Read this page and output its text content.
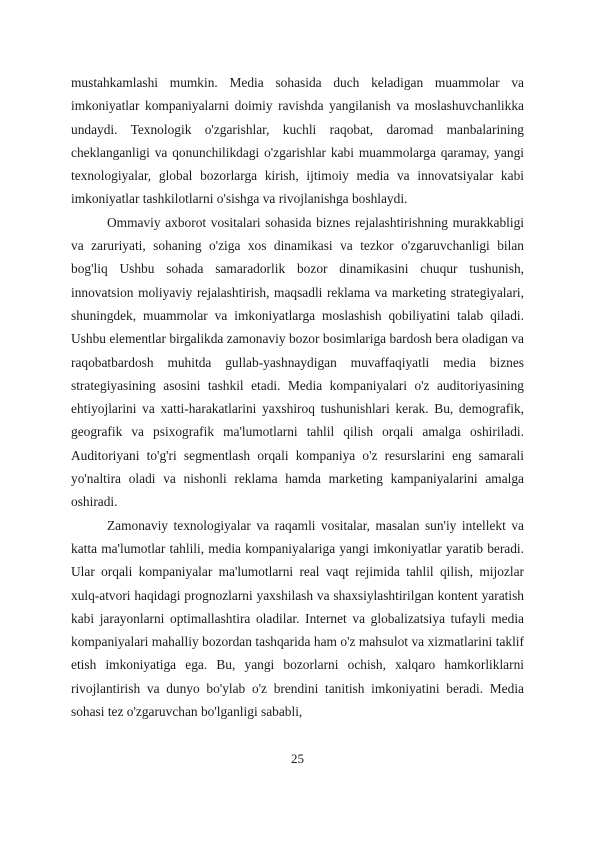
mustahkamlashi mumkin. Media sohasida duch keladigan muammolar va imkoniyatlar kompaniyalarni doimiy ravishda yangilanish va moslashuvchanlikka undaydi. Texnologik o'zgarishlar, kuchli raqobat, daromad manbalarining cheklanganligi va qonunchilikdagi o'zgarishlar kabi muammolarga qaramay, yangi texnologiyalar, global bozorlarga kirish, ijtimoiy media va innovatsiyalar kabi imkoniyatlar tashkilotlarni o'sishga va rivojlanishga boshlaydi.

Ommaviy axborot vositalari sohasida biznes rejalashtirishning murakkabligi va zaruriyati, sohaning o'ziga xos dinamikasi va tezkor o'zgaruvchanligi bilan bog'liq Ushbu sohada samaradorlik bozor dinamikasini chuqur tushunish, innovatsion moliyaviy rejalashtirish, maqsadli reklama va marketing strategiyalari, shuningdek, muammolar va imkoniyatlarga moslashish qobiliyatini talab qiladi. Ushbu elementlar birgalikda zamonaviy bozor bosimlariga bardosh bera oladigan va raqobatbardosh muhitda gullab-yashnaydigan muvaffaqiyatli media biznes strategiyasining asosini tashkil etadi. Media kompaniyalari o'z auditoriyasining ehtiyojlarini va xatti-harakatlarini yaxshiroq tushunishlari kerak. Bu, demografik, geografik va psixografik ma'lumotlarni tahlil qilish orqali amalga oshiriladi. Auditoriyani to'g'ri segmentlash orqali kompaniya o'z resurslarini eng samarali yo'naltira oladi va nishonli reklama hamda marketing kampaniyalarini amalga oshiradi.

Zamonaviy texnologiyalar va raqamli vositalar, masalan sun'iy intellekt va katta ma'lumotlar tahlili, media kompaniyalariga yangi imkoniyatlar yaratib beradi. Ular orqali kompaniyalar ma'lumotlarni real vaqt rejimida tahlil qilish, mijozlar xulq-atvori haqidagi prognozlarni yaxshilash va shaxsiylashtirilgan kontent yaratish kabi jarayonlarni optimallashtira oladilar. Internet va globalizatsiya tufayli media kompaniyalari mahalliy bozordan tashqarida ham o'z mahsulot va xizmatlarini taklif etish imkoniyatiga ega. Bu, yangi bozorlarni ochish, xalqaro hamkorliklarni rivojlantirish va dunyo bo'ylab o'z brendini tanitish imkoniyatini beradi. Media sohasi tez o'zgaruvchan bo'lganligi sababli,

25
